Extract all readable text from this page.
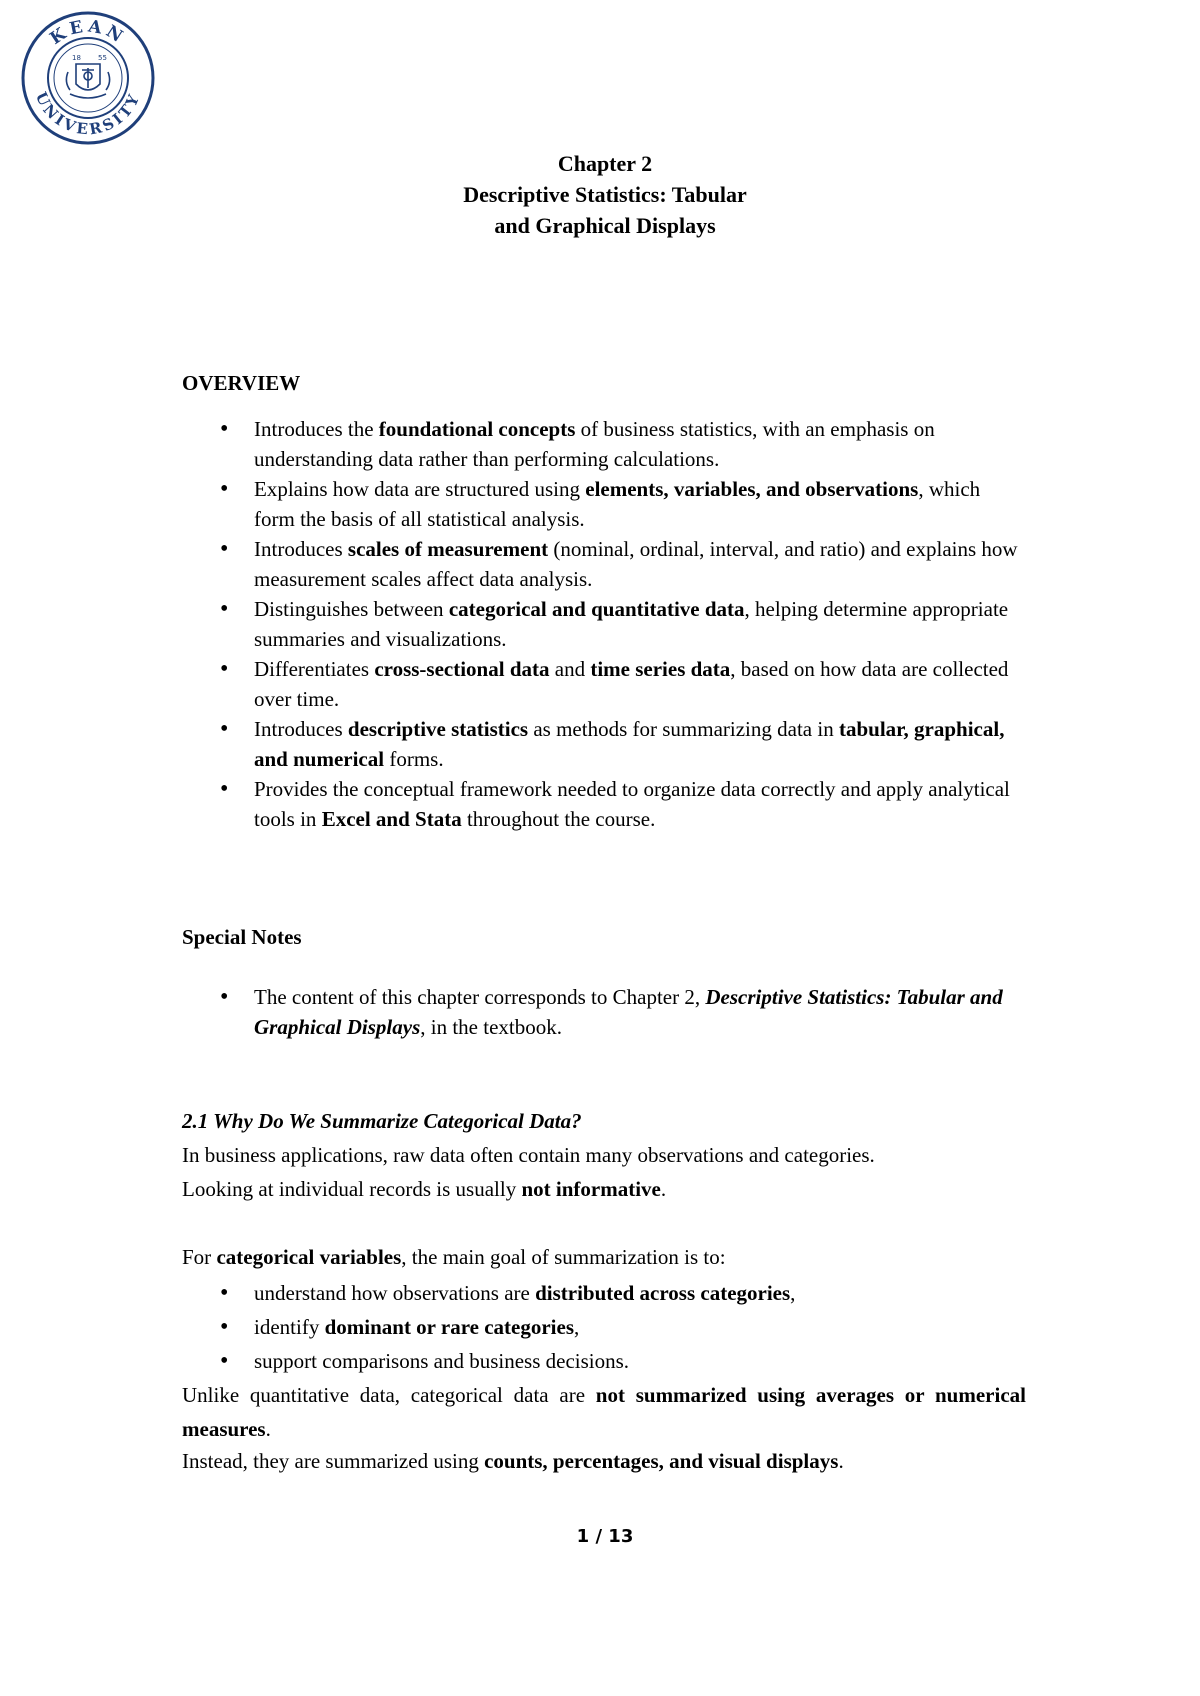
KEAN
UNIVERSITY
18 55
Chapter 2
Descriptive Statistics: Tabular
and Graphical Displays
OVERVIEW
• Introduces the foundational concepts of business statistics, with an emphasis on understanding data rather than performing calculations.
• Explains how data are structured using elements, variables, and observations, which form the basis of all statistical analysis.
• Introduces scales of measurement (nominal, ordinal, interval, and ratio) and explains how measurement scales affect data analysis.
• Distinguishes between categorical and quantitative data, helping determine appropriate summaries and visualizations.
• Differentiates cross-sectional data and time series data, based on how data are collected over time.
• Introduces descriptive statistics as methods for summarizing data in tabular, graphical, and numerical forms.
• Provides the conceptual framework needed to organize data correctly and apply analytical tools in Excel and Stata throughout the course.
Special Notes
• The content of this chapter corresponds to Chapter 2, Descriptive Statistics: Tabular and Graphical Displays, in the textbook.
2.1 Why Do We Summarize Categorical Data?
In business applications, raw data often contain many observations and categories.
Looking at individual records is usually not informative.
For categorical variables, the main goal of summarization is to:
• understand how observations are distributed across categories,
• identify dominant or rare categories,
• support comparisons and business decisions.
Unlike quantitative data, categorical data are not summarized using averages or numerical measures.
Instead, they are summarized using counts, percentages, and visual displays.
1 / 13
